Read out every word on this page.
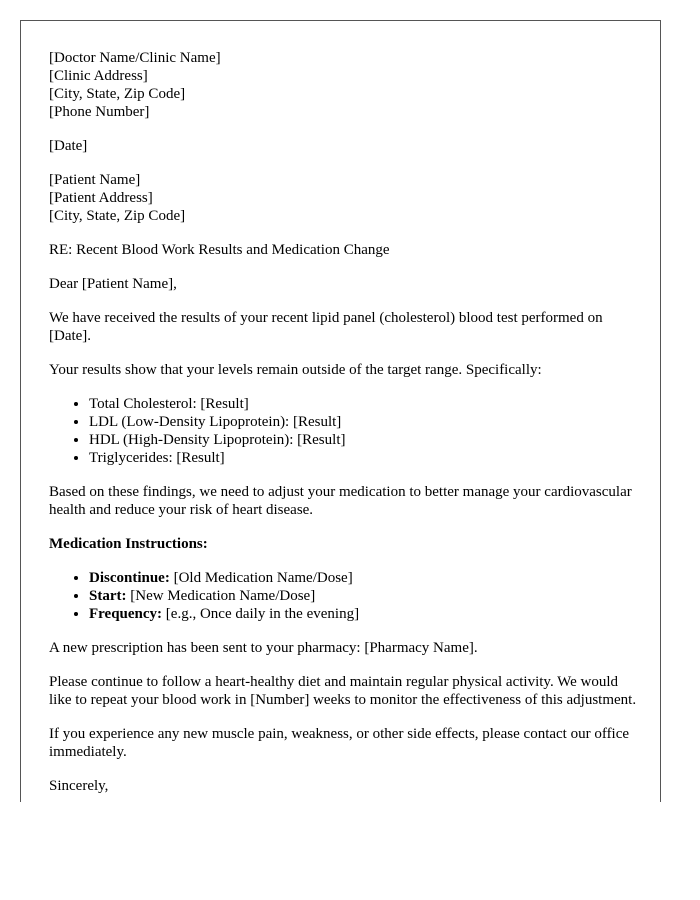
[Doctor Name/Clinic Name]
[Clinic Address]
[City, State, Zip Code]
[Phone Number]

[Date]

[Patient Name]
[Patient Address]
[City, State, Zip Code]

RE: Recent Blood Work Results and Medication Change

Dear [Patient Name],

We have received the results of your recent lipid panel (cholesterol) blood test performed on [Date].

Your results show that your levels remain outside of the target range. Specifically:

• Total Cholesterol: [Result]
• LDL (Low-Density Lipoprotein): [Result]
• HDL (High-Density Lipoprotein): [Result]
• Triglycerides: [Result]

Based on these findings, we need to adjust your medication to better manage your cardiovascular health and reduce your risk of heart disease.

Medication Instructions:

• Discontinue: [Old Medication Name/Dose]
• Start: [New Medication Name/Dose]
• Frequency: [e.g., Once daily in the evening]

A new prescription has been sent to your pharmacy: [Pharmacy Name].

Please continue to follow a heart-healthy diet and maintain regular physical activity. We would like to repeat your blood work in [Number] weeks to monitor the effectiveness of this adjustment.

If you experience any new muscle pain, weakness, or other side effects, please contact our office immediately.

Sincerely,
